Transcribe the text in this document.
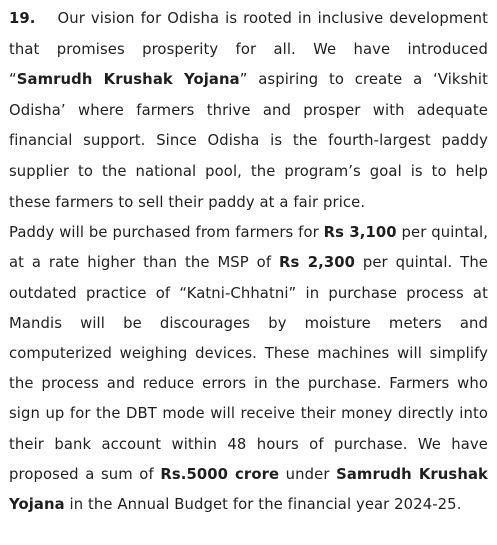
19. Our vision for Odisha is rooted in inclusive development that promises prosperity for all. We have introduced “Samrudh Krushak Yojana” aspiring to create a ‘Vikshit Odisha’ where farmers thrive and prosper with adequate financial support. Since Odisha is the fourth-largest paddy supplier to the national pool, the program’s goal is to help these farmers to sell their paddy at a fair price.

Paddy will be purchased from farmers for Rs 3,100 per quintal, at a rate higher than the MSP of Rs 2,300 per quintal. The outdated practice of “Katni-Chhatni” in purchase process at Mandis will be discourages by moisture meters and computerized weighing devices. These machines will simplify the process and reduce errors in the purchase. Farmers who sign up for the DBT mode will receive their money directly into their bank account within 48 hours of purchase. We have proposed a sum of Rs.5000 crore under Samrudh Krushak Yojana in the Annual Budget for the financial year 2024-25.
